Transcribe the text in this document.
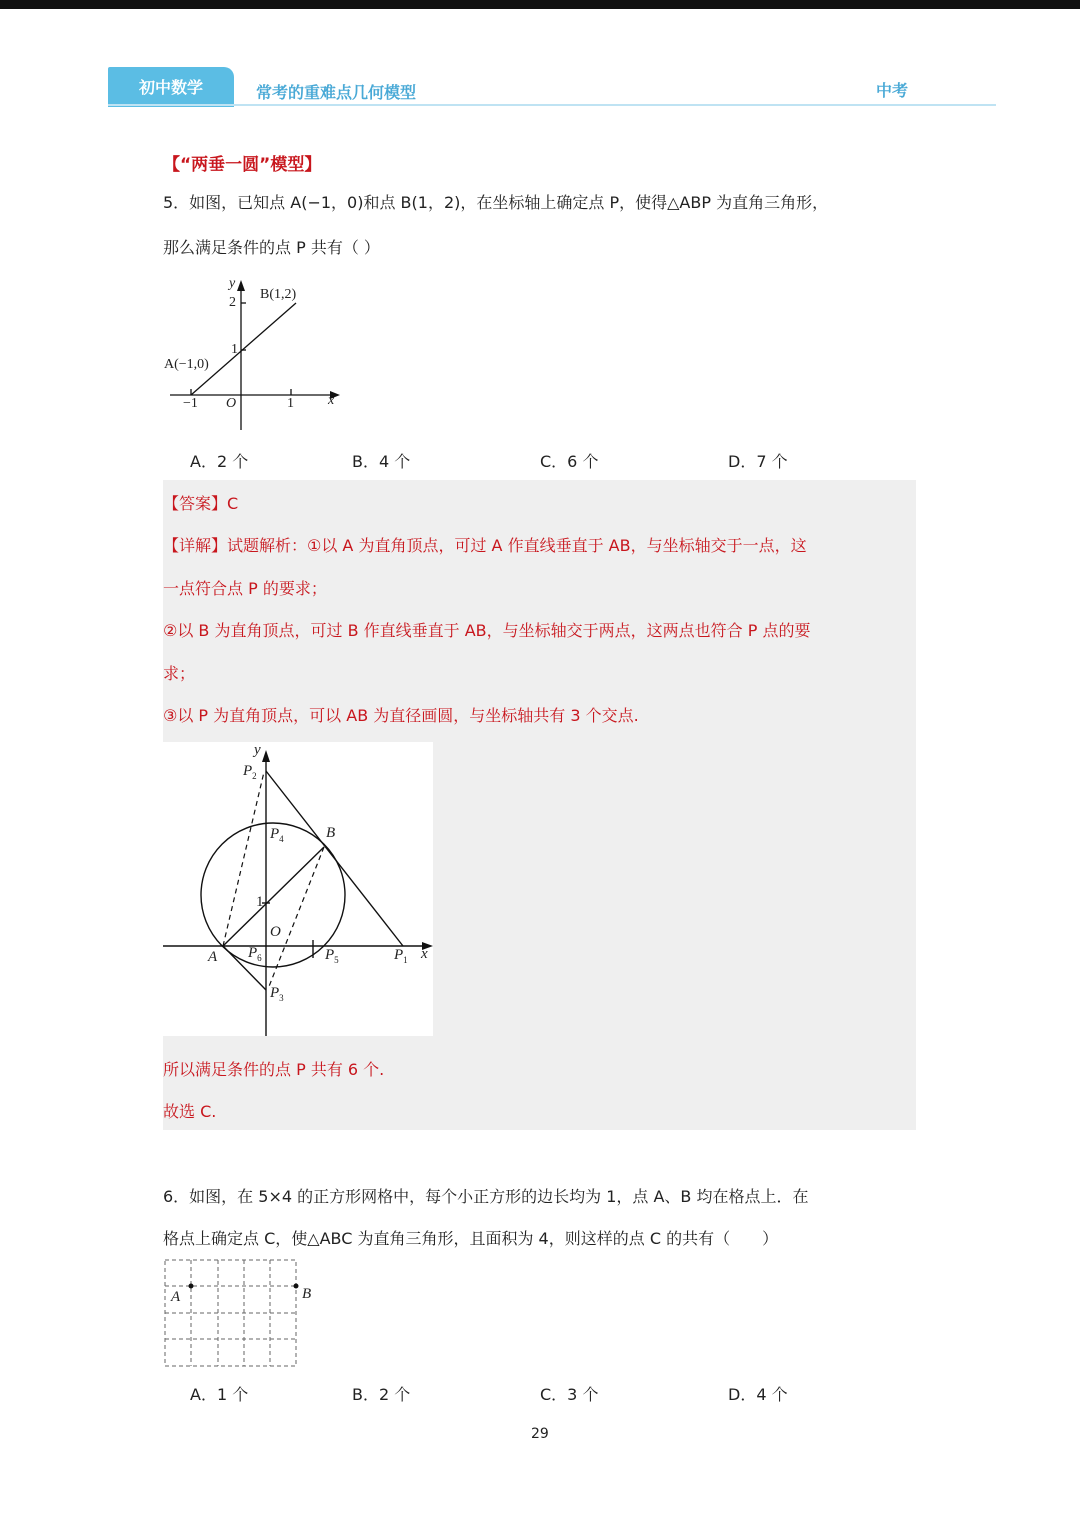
初中数学	常考的重难点几何模型	中考
【“两垂一圆”模型】
5．如图，已知点 A(−1，0)和点 B(1，2)，在坐标轴上确定点 P，使得△ABP 为直角三角形，
那么满足条件的点 P 共有（ ）
y
x
2
1
−1	1
O
A(−1,0)
B(1,2)
A．2 个	B．4 个	C．6 个	D．7 个
【答案】C
【详解】试题解析：①以 A 为直角顶点，可过 A 作直线垂直于 AB，与坐标轴交于一点，这
一点符合点 P 的要求；
②以 B 为直角顶点，可过 B 作直线垂直于 AB，与坐标轴交于两点，这两点也符合 P 点的要
求；
③以 P 为直角顶点，可以 AB 为直径画圆，与坐标轴共有 3 个交点.
y
x
O
1
A
B
$P_1$
$P_2$
$P_3$
$P_4$
$P_5$
$P_6$
所以满足条件的点 P 共有 6 个.
故选 C.
6．如图，在 5×4 的正方形网格中，每个小正方形的边长均为 1，点 A、B 均在格点上．在
格点上确定点 C，使△ABC 为直角三角形，且面积为 4，则这样的点 C 的共有（　　）
A	B
A．1 个	B．2 个	C．3 个	D．4 个
29
